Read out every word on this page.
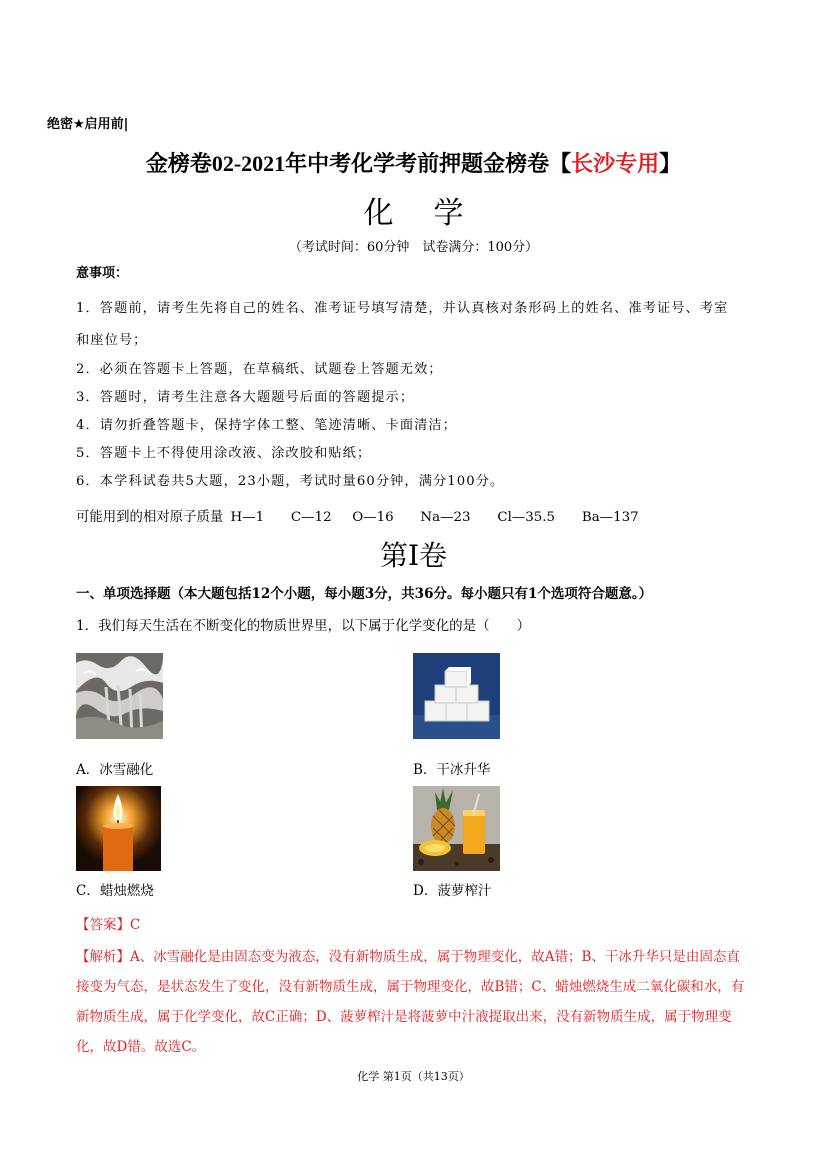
绝密★启用前|
金榜卷02-2021年中考化学考前押题金榜卷【长沙专用】
化学
（考试时间：60分钟　试卷满分：100分）
意事项：
1．答题前，请考生先将自己的姓名、准考证号填写清楚，并认真核对条形码上的姓名、准考证号、考室
和座位号；
2．必须在答题卡上答题，在草稿纸、试题卷上答题无效；
3．答题时，请考生注意各大题题号后面的答题提示；
4．请勿折叠答题卡，保持字体工整、笔迹清晰、卡面清洁；
5．答题卡上不得使用涂改液、涂改胶和贴纸；
6．本学科试卷共5大题，23小题，考试时量60分钟，满分100分。
可能用到的相对原子质量 H—1　　C—12　 O—16　　Na—23　　Cl—35.5　　Ba—137
第I卷
一、单项选择题（本大题包括12个小题，每小题3分，共36分。每小题只有1个选项符合题意。）
1．我们每天生活在不断变化的物质世界里，以下属于化学变化的是（　　）
A．冰雪融化	B．干冰升华
C．蜡烛燃烧	D．菠萝榨汁
【答案】C
【解析】A、冰雪融化是由固态变为液态，没有新物质生成，属于物理变化，故A错；B、干冰升华只是由固态直接变为气态，是状态发生了变化，没有新物质生成，属于物理变化，故B错；C、蜡烛燃烧生成二氧化碳和水，有新物质生成，属于化学变化，故C正确；D、菠萝榨汁是将菠萝中汁液提取出来，没有新物质生成，属于物理变化，故D错。故选C。
化学 第1页（共13页）
